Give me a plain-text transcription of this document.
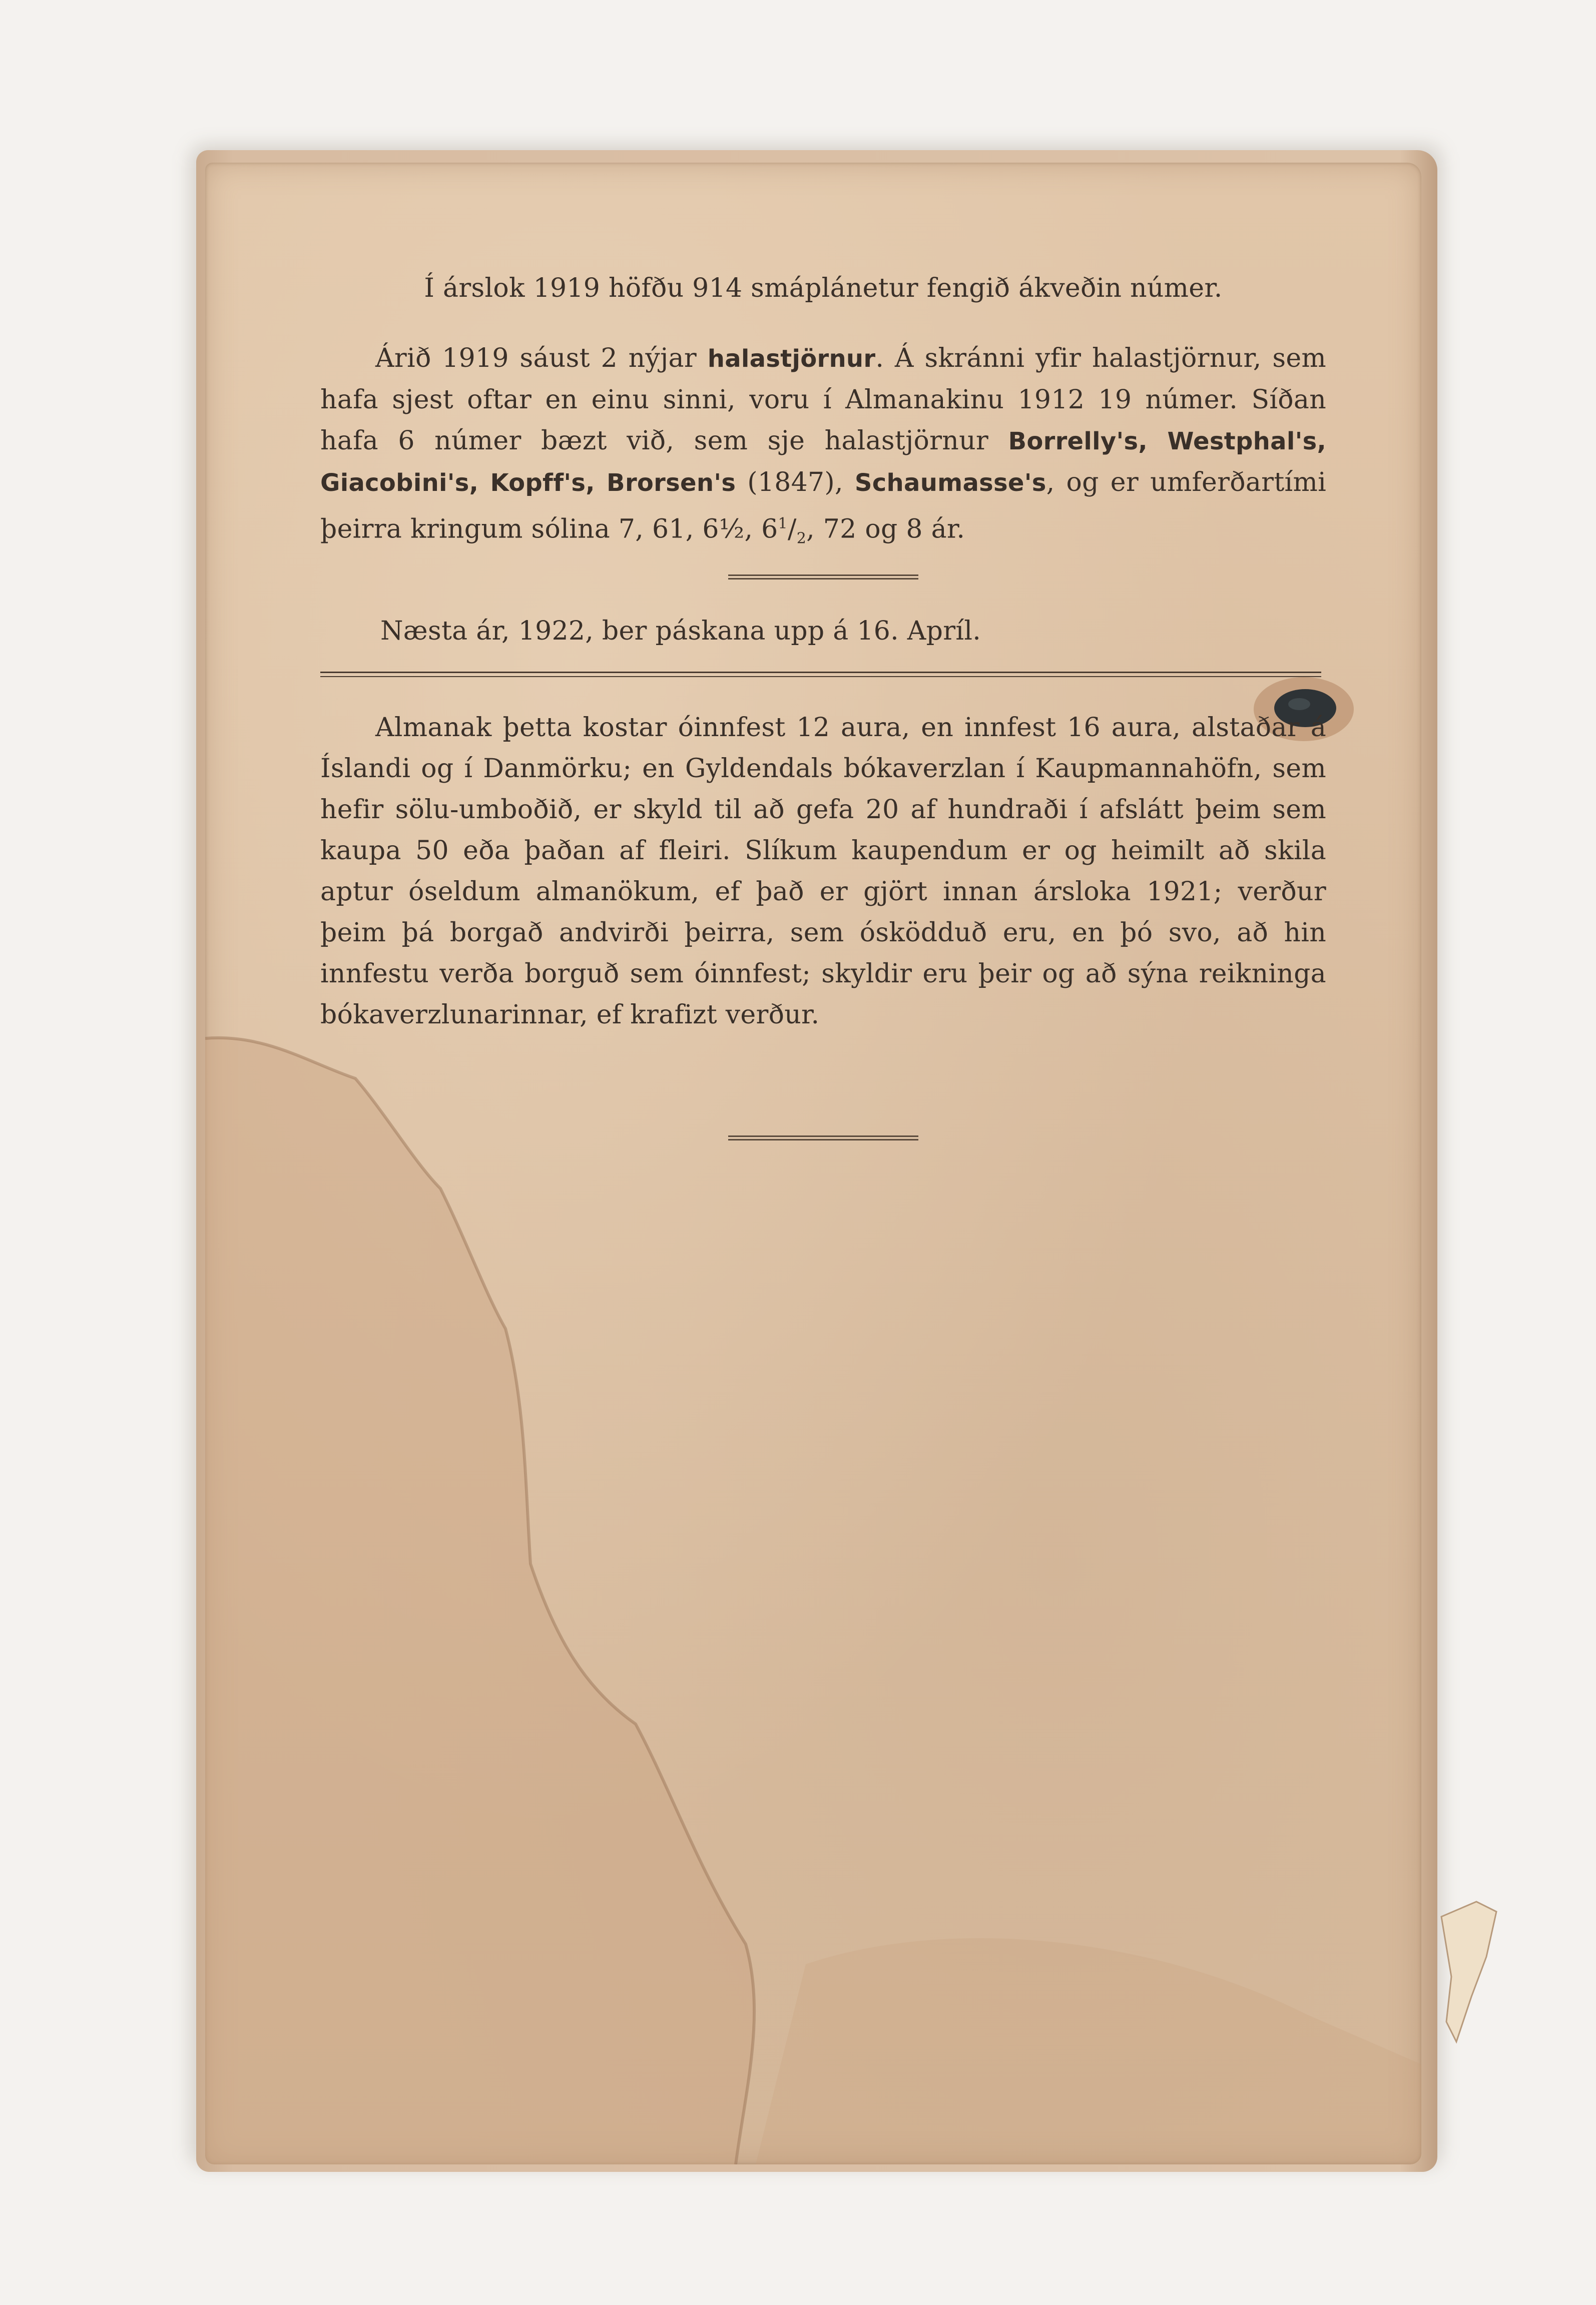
Í árslok 1919 höfðu 914 smáplánetur fengið ákveðin númer.

Árið 1919 sáust 2 nýjar halastjörnur. Á skránni yfir halastjörnur, sem hafa sjest oftar en einu sinni, voru í Almanakinu 1912 19 númer. Síðan hafa 6 númer bæzt við, sem sje halastjörnur Borrelly's, Westphal's, Giacobini's, Kopff's, Brorsen's (1847), Schaumasse's, og er umferðartími þeirra kringum sólina 7, 61, 6½, $6^1/_2$, 72 og 8 ár.

Næsta ár, 1922, ber páskana upp á 16. Apríl.

Almanak þetta kostar óinnfest 12 aura, en innfest 16 aura, alstaðar á Íslandi og í Danmörku; en Gyldendals bókaverzlan í Kaupmannahöfn, sem hefir sölu-umboðið, er skyld til að gefa 20 af hundraði í afslátt þeim sem kaupa 50 eða þaðan af fleiri. Slíkum kaupendum er og heimilt að skila aptur óseldum almanökum, ef það er gjört innan ársloka 1921; verður þeim þá borgað andvirði þeirra, sem ósködduð eru, en þó svo, að hin innfestu verða borguð sem óinnfest; skyldir eru þeir og að sýna reikninga bókaverzlunarinnar, ef krafizt verður.
